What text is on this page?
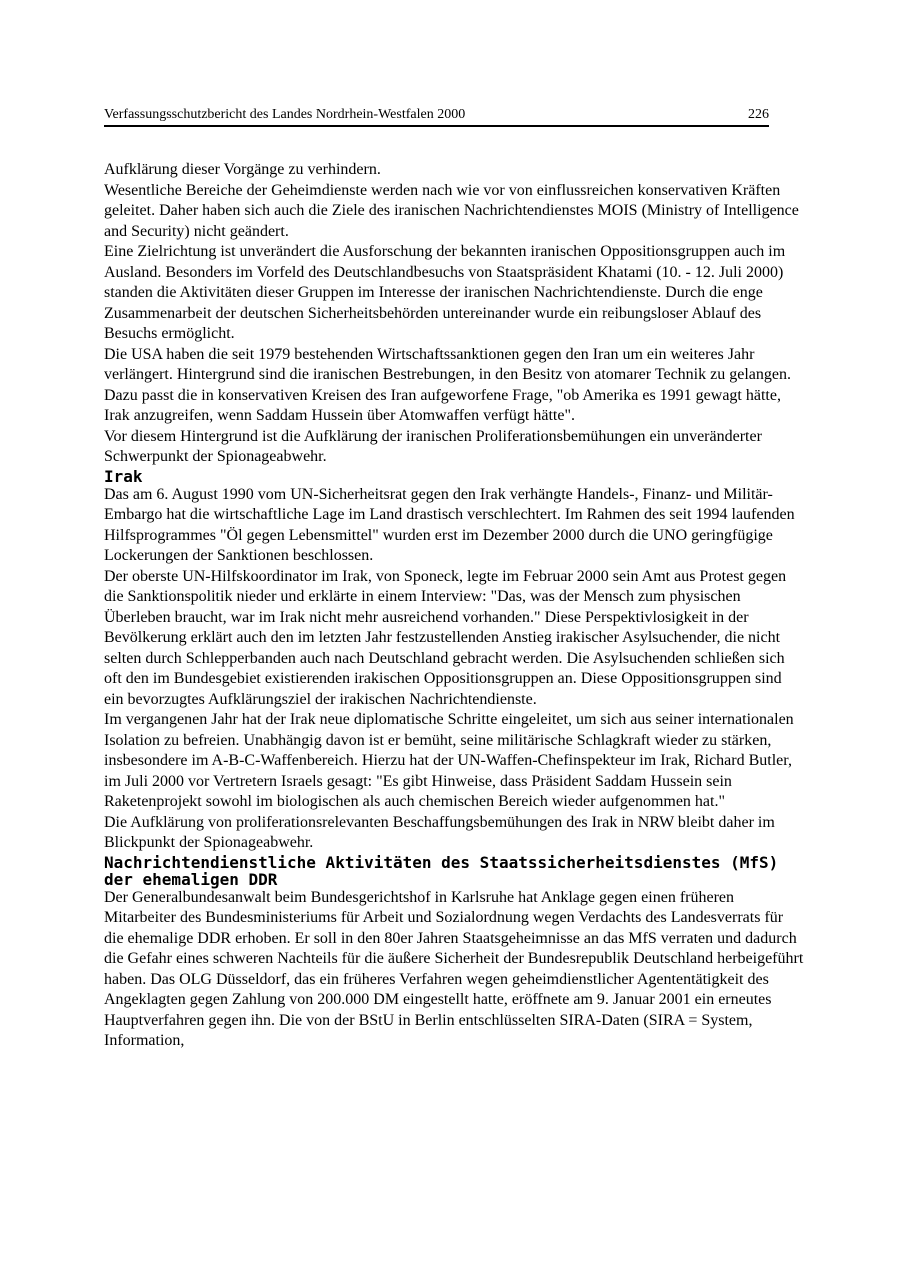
Verfassungsschutzbericht des Landes Nordrhein-Westfalen 2000	226

Aufklärung dieser Vorgänge zu verhindern.

Wesentliche Bereiche der Geheimdienste werden nach wie vor von einflussreichen konservativen Kräften geleitet. Daher haben sich auch die Ziele des iranischen Nachrichtendienstes MOIS (Ministry of Intelligence and Security) nicht geändert.

Eine Zielrichtung ist unverändert die Ausforschung der bekannten iranischen Oppositionsgruppen auch im Ausland. Besonders im Vorfeld des Deutschlandbesuchs von Staatspräsident Khatami (10. - 12. Juli 2000) standen die Aktivitäten dieser Gruppen im Interesse der iranischen Nachrichtendienste. Durch die enge Zusammenarbeit der deutschen Sicherheitsbehörden untereinander wurde ein reibungsloser Ablauf des Besuchs ermöglicht.

Die USA haben die seit 1979 bestehenden Wirtschaftssanktionen gegen den Iran um ein weiteres Jahr verlängert. Hintergrund sind die iranischen Bestrebungen, in den Besitz von atomarer Technik zu gelangen. Dazu passt die in konservativen Kreisen des Iran aufgeworfene Frage, "ob Amerika es 1991 gewagt hätte, Irak anzugreifen, wenn Saddam Hussein über Atomwaffen verfügt hätte".

Vor diesem Hintergrund ist die Aufklärung der iranischen Proliferationsbemühungen ein unveränderter Schwerpunkt der Spionageabwehr.

Irak

Das am 6. August 1990 vom UN-Sicherheitsrat gegen den Irak verhängte Handels-, Finanz- und Militär-Embargo hat die wirtschaftliche Lage im Land drastisch verschlechtert. Im Rahmen des seit 1994 laufenden Hilfsprogrammes "Öl gegen Lebensmittel" wurden erst im Dezember 2000 durch die UNO geringfügige Lockerungen der Sanktionen beschlossen.

Der oberste UN-Hilfskoordinator im Irak, von Sponeck, legte im Februar 2000 sein Amt aus Protest gegen die Sanktionspolitik nieder und erklärte in einem Interview: "Das, was der Mensch zum physischen Überleben braucht, war im Irak nicht mehr ausreichend vorhanden." Diese Perspektivlosigkeit in der Bevölkerung erklärt auch den im letzten Jahr festzustellenden Anstieg irakischer Asylsuchender, die nicht selten durch Schlepperbanden auch nach Deutschland gebracht werden. Die Asylsuchenden schließen sich oft den im Bundesgebiet existierenden irakischen Oppositionsgruppen an. Diese Oppositionsgruppen sind ein bevorzugtes Aufklärungsziel der irakischen Nachrichtendienste.

Im vergangenen Jahr hat der Irak neue diplomatische Schritte eingeleitet, um sich aus seiner internationalen Isolation zu befreien. Unabhängig davon ist er bemüht, seine militärische Schlagkraft wieder zu stärken, insbesondere im A-B-C-Waffenbereich. Hierzu hat der UN-Waffen-Chefinspekteur im Irak, Richard Butler, im Juli 2000 vor Vertretern Israels gesagt: "Es gibt Hinweise, dass Präsident Saddam Hussein sein Raketenprojekt sowohl im biologischen als auch chemischen Bereich wieder aufgenommen hat."

Die Aufklärung von proliferationsrelevanten Beschaffungsbemühungen des Irak in NRW bleibt daher im Blickpunkt der Spionageabwehr.

Nachrichtendienstliche Aktivitäten des Staatssicherheitsdienstes (MfS) der ehemaligen DDR

Der Generalbundesanwalt beim Bundesgerichtshof in Karlsruhe hat Anklage gegen einen früheren Mitarbeiter des Bundesministeriums für Arbeit und Sozialordnung wegen Verdachts des Landesverrats für die ehemalige DDR erhoben. Er soll in den 80er Jahren Staatsgeheimnisse an das MfS verraten und dadurch die Gefahr eines schweren Nachteils für die äußere Sicherheit der Bundesrepublik Deutschland herbeigeführt haben. Das OLG Düsseldorf, das ein früheres Verfahren wegen geheimdienstlicher Agententätigkeit des Angeklagten gegen Zahlung von 200.000 DM eingestellt hatte, eröffnete am 9. Januar 2001 ein erneutes Hauptverfahren gegen ihn. Die von der BStU in Berlin entschlüsselten SIRA-Daten (SIRA = System, Information,
